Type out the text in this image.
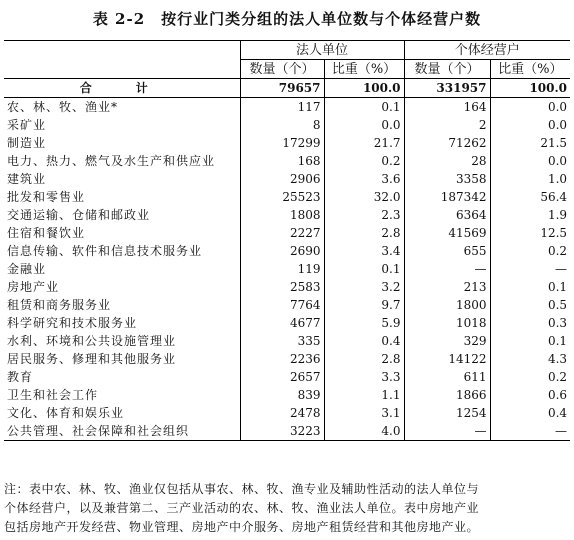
表 2-2 按行业门类分组的法人单位数与个体经营户数
	法人单位		个体经营户	
	数量（个）	比重（%）	数量（个）	比重（%）
合　计	79657	100.0	331957	100.0
农、林、牧、渔业*	117	0.1	164	0.0
采矿业	8	0.0	2	0.0
制造业	17299	21.7	71262	21.5
电力、热力、燃气及水生产和供应业	168	0.2	28	0.0
建筑业	2906	3.6	3358	1.0
批发和零售业	25523	32.0	187342	56.4
交通运输、仓储和邮政业	1808	2.3	6364	1.9
住宿和餐饮业	2227	2.8	41569	12.5
信息传输、软件和信息技术服务业	2690	3.4	655	0.2
金融业	119	0.1	—	—
房地产业	2583	3.2	213	0.1
租赁和商务服务业	7764	9.7	1800	0.5
科学研究和技术服务业	4677	5.9	1018	0.3
水利、环境和公共设施管理业	335	0.4	329	0.1
居民服务、修理和其他服务业	2236	2.8	14122	4.3
教育	2657	3.3	611	0.2
卫生和社会工作	839	1.1	1866	0.6
文化、体育和娱乐业	2478	3.1	1254	0.4
公共管理、社会保障和社会组织	3223	4.0	—	—
注：表中农、林、牧、渔业仅包括从事农、林、牧、渔专业及辅助性活动的法人单位与
个体经营户，以及兼营第二、三产业活动的农、林、牧、渔业法人单位。表中房地产业
包括房地产开发经营、物业管理、房地产中介服务、房地产租赁经营和其他房地产业。
